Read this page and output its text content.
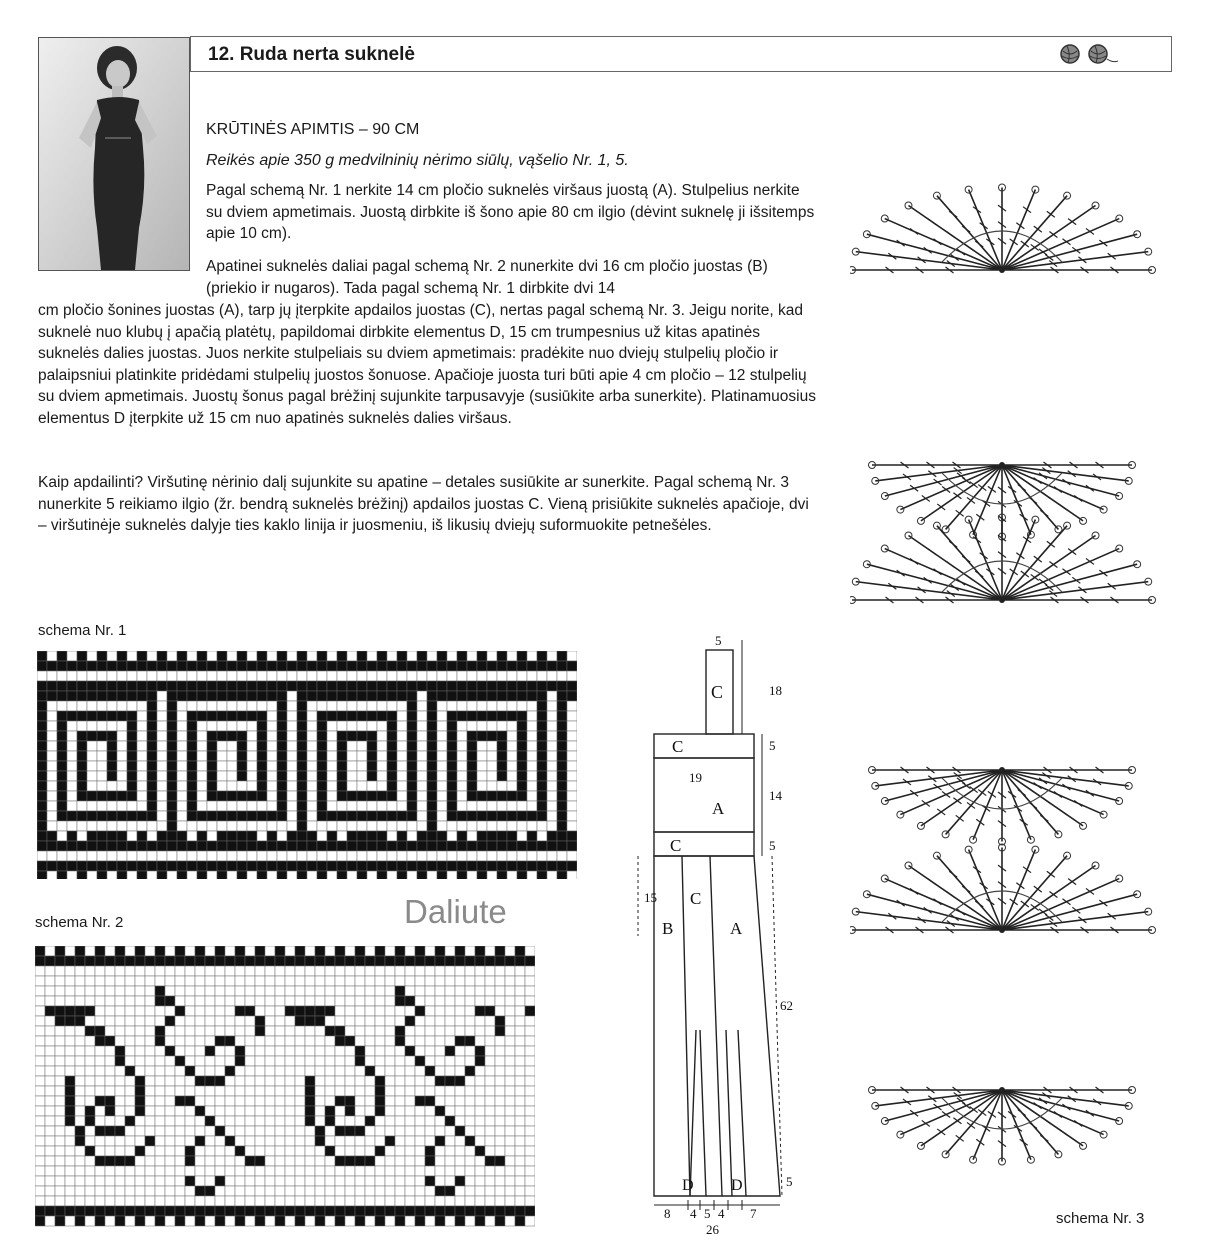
12. Ruda nerta suknelė
KRŪTINĖS APIMTIS – 90 CM
Reikės apie 350 g medvilninių nėrimo siūlų, vąšelio Nr. 1, 5.
Pagal schemą Nr. 1 nerkite 14 cm pločio suknelės viršaus juostą (A). Stulpelius nerkite su dviem apmetimais. Juostą dirbkite iš šono apie 80 cm ilgio (dėvint suknelę ji išsitemps apie 10 cm).
Apatinei suknelės daliai pagal schemą Nr. 2 nunerkite dvi 16 cm pločio juostas (B) (priekio ir nugaros). Tada pagal schemą Nr. 1 dirbkite dvi 14
cm pločio šonines juostas (A), tarp jų įterpkite apdailos juostas (C), nertas pagal schemą Nr. 3. Jeigu norite, kad suknelė nuo klubų į apačią platėtų, papildomai dirbkite elementus D, 15 cm trumpesnius už kitas apatinės suknelės dalies juostas. Juos nerkite stulpeliais su dviem apmetimais: pradėkite nuo dviejų stulpelių pločio ir palaipsniui platinkite pridėdami stulpelių juostos šonuose. Apačioje juosta turi būti apie 4 cm pločio – 12 stulpelių su dviem apmetimais. Juostų šonus pagal brėžinį sujunkite tarpusavyje (susiūkite arba sunerkite). Platinamuosius elementus D įterpkite už 15 cm nuo apatinės suknelės dalies viršaus.
Kaip apdailinti? Viršutinę nėrinio dalį sujunkite su apatine – detales susiūkite ar sunerkite. Pagal schemą Nr. 3 nunerkite 5 reikiamo ilgio (žr. bendrą suknelės brėžinį) apdailos juostas C. Vieną prisiūkite suknelės apačioje, dvi – viršutinėje suknelės dalyje ties kaklo linija ir juosmeniu, iš likusių dviejų suformuokite petnešėles.
schema Nr. 1
schema Nr. 2
schema Nr. 3
Daliute
C
C
A
C
C
B	A
D D
5
18
5
19
14
5
15
62
5
8 4 5 4 7
26
